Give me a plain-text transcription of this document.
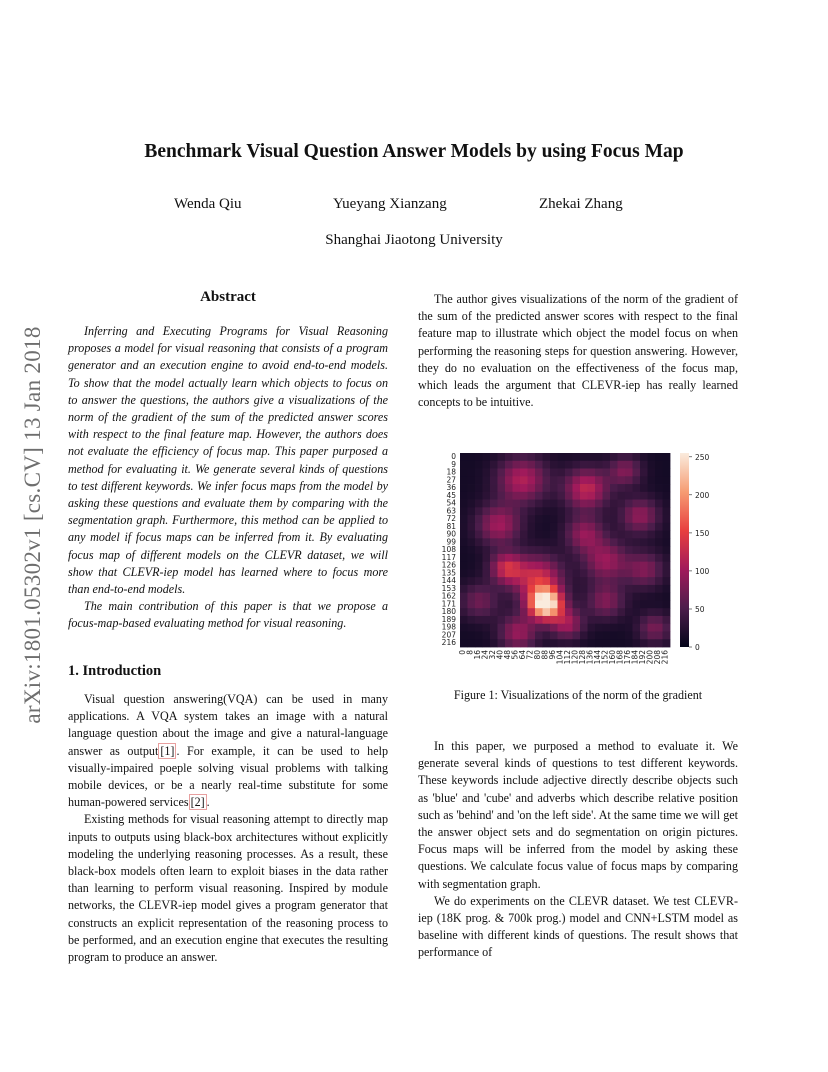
Benchmark Visual Question Answer Models by using Focus Map
Wenda Qiu	Yueyang Xianzang	Zhekai Zhang
Shanghai Jiaotong University
arXiv:1801.05302v1 [cs.CV] 13 Jan 2018
Abstract

Inferring and Executing Programs for Visual Reasoning proposes a model for visual reasoning that consists of a program generator and an execution engine to avoid end-to-end models. To show that the model actually learn which objects to focus on to answer the questions, the authors give a visualizations of the norm of the gradient of the sum of the predicted answer scores with respect to the final feature map. However, the authors does not evaluate the efficiency of focus map. This paper purposed a method for evaluating it. We generate several kinds of questions to test different keywords. We infer focus maps from the model by asking these questions and evaluate them by comparing with the segmentation graph. Furthermore, this method can be applied to any model if focus maps can be inferred from it. By evaluating focus map of different models on the CLEVR dataset, we will show that CLEVR-iep model has learned where to focus more than end-to-end models.

The main contribution of this paper is that we propose a focus-map-based evaluating method for visual reasoning.

1. Introduction

Visual question answering(VQA) can be used in many applications. A VQA system takes an image with a natural language question about the image and give a natural-language answer as output [1] . For example, it can be used to help visually-impaired poeple solving visual problems with talking mobile devices, or be a nearly real-time substitute for some human-powered services [2] .

Existing methods for visual reasoning attempt to directly map inputs to outputs using black-box architectures without explicitly modeling the underlying reasoning processes. As a result, these black-box models often learn to exploit biases in the data rather than learning to perform visual reasoning. Inspired by module networks, the CLEVR-iep model gives a program generator that constructs an explicit representation of the reasoning process to be performed, and an execution engine that executes the resulting program to produce an answer.

The author gives visualizations of the norm of the gradient of the sum of the predicted answer scores with respect to the final feature map to illustrate which object the model focus on when performing the reasoning steps for question answering. However, they do no evaluation on the effectiveness of the focus map, which leads the argument that CLEVR-iep has really learned concepts to be intuitive.

0
9
18
27
36
45
54
63
72
81
90
99
108
117
126
135
144
153
162
171
180
189
198
207
216
0
8
16
24
32
40
48
56
64
72
80
88
96
104
112
120
128
136
144
152
160
168
176
184
192
200
208
216
250
200
150
100
50
0
Figure 1: Visualizations of the norm of the gradient

In this paper, we purposed a method to evaluate it. We generate several kinds of questions to test different keywords. These keywords include adjective directly describe objects such as 'blue' and 'cube' and adverbs which describe relative position such as 'behind' and 'on the left side'. At the same time we will get the answer object sets and do segmentation on origin pictures. Focus maps will be inferred from the model by asking these questions. We calculate focus value of focus maps by comparing with segmentation graph.

We do experiments on the CLEVR dataset. We test CLEVR-iep (18K prog. & 700k prog.) model and CNN+LSTM model as baseline with different kinds of questions. The result shows that performance of
